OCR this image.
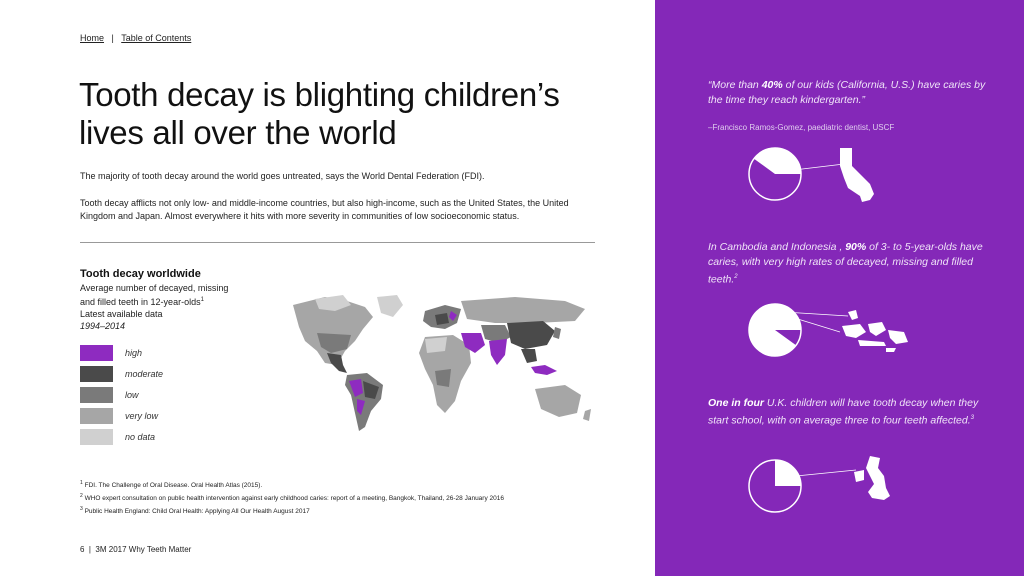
Home | Table of Contents
Tooth decay is blighting children’s lives all over the world

The majority of tooth decay around the world goes untreated, says the World Dental Federation (FDI).

Tooth decay afflicts not only low- and middle-income countries, but also high-income, such as the United States, the United Kingdom and Japan. Almost everywhere it hits with more severity in communities of low socioeconomic status.

Tooth decay worldwide
Average number of decayed, missing
and filled teeth in 12-year-olds$^1$
Latest available data
1994–2014
high
moderate
low
very low
no data
$^1$ FDI. The Challenge of Oral Disease. Oral Health Atlas (2015).
$^2$ WHO expert consultation on public health intervention against early childhood caries: report of a meeting, Bangkok, Thailand, 26-28 January 2016
$^3$ Public Health England: Child Oral Health: Applying All Our Health August 2017
6  |  3M 2017 Why Teeth Matter
“More than 40% of our kids (California, U.S.) have caries by the time they reach kindergarten.”
–Francisco Ramos-Gomez, paediatric dentist, USCF
In Cambodia and Indonesia , 90% of 3- to 5-year-olds have caries, with very high rates of decayed, missing and filled teeth.$^2$
One in four U.K. children will have tooth decay when they start school, with on average three to four teeth affected.$^3$
